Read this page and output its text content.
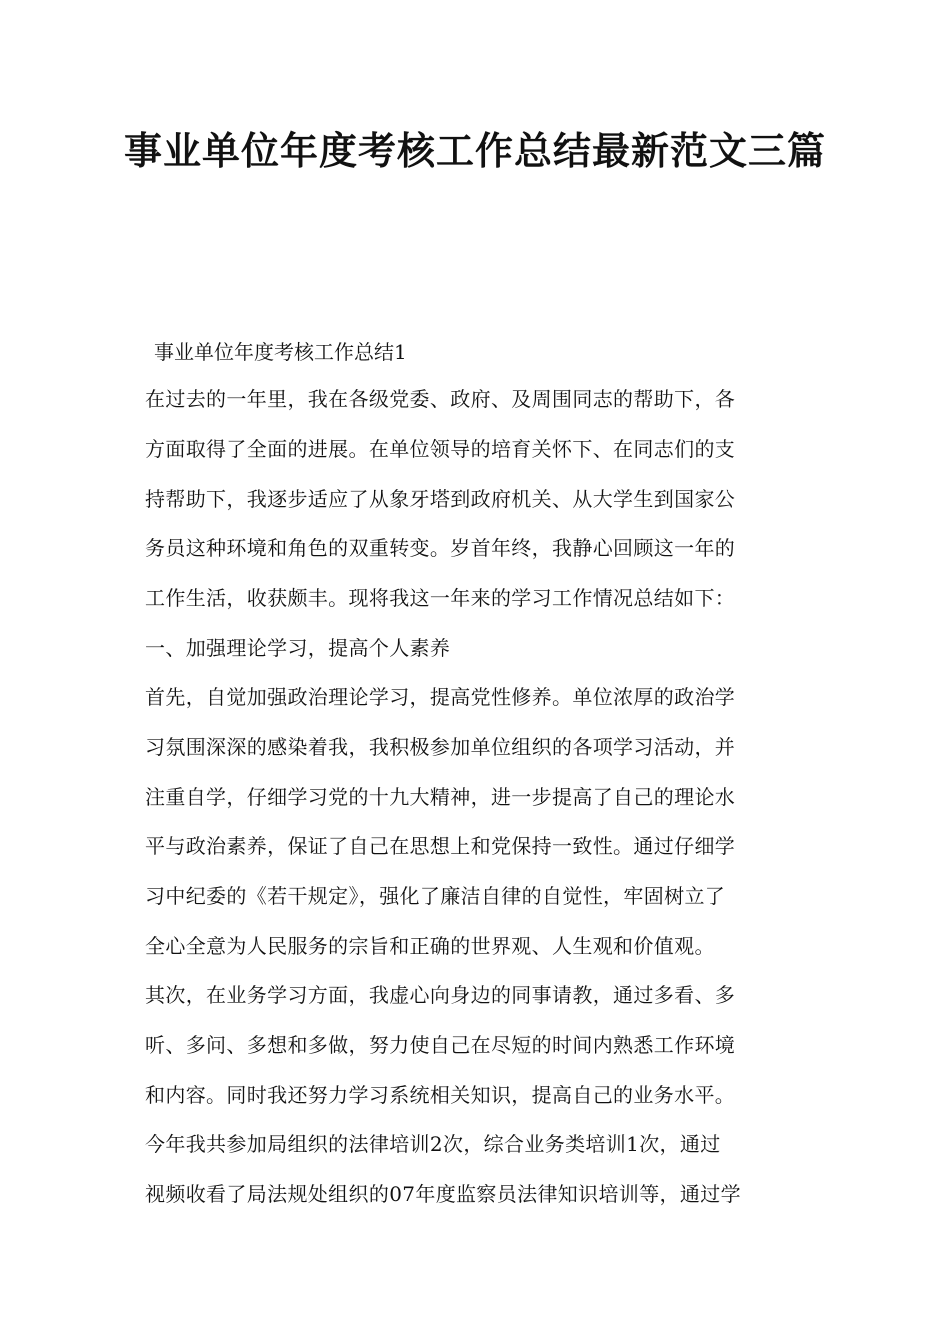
事业单位年度考核工作总结最新范文三篇
事业单位年度考核工作总结1
在过去的一年里，我在各级党委、政府、及周围同志的帮助下，各
方面取得了全面的进展。在单位领导的培育关怀下、在同志们的支
持帮助下，我逐步适应了从象牙塔到政府机关、从大学生到国家公
务员这种环境和角色的双重转变。岁首年终，我静心回顾这一年的
工作生活，收获颇丰。现将我这一年来的学习工作情况总结如下：
一、加强理论学习，提高个人素养
首先，自觉加强政治理论学习，提高党性修养。单位浓厚的政治学
习氛围深深的感染着我，我积极参加单位组织的各项学习活动，并
注重自学，仔细学习党的十九大精神，进一步提高了自己的理论水
平与政治素养，保证了自己在思想上和党保持一致性。通过仔细学
习中纪委的《若干规定》，强化了廉洁自律的自觉性，牢固树立了
全心全意为人民服务的宗旨和正确的世界观、人生观和价值观。
其次，在业务学习方面，我虚心向身边的同事请教，通过多看、多
听、多问、多想和多做，努力使自己在尽短的时间内熟悉工作环境
和内容。同时我还努力学习系统相关知识，提高自己的业务水平。
今年我共参加局组织的法律培训2次，综合业务类培训1次，通过
视频收看了局法规处组织的07年度监察员法律知识培训等，通过学
